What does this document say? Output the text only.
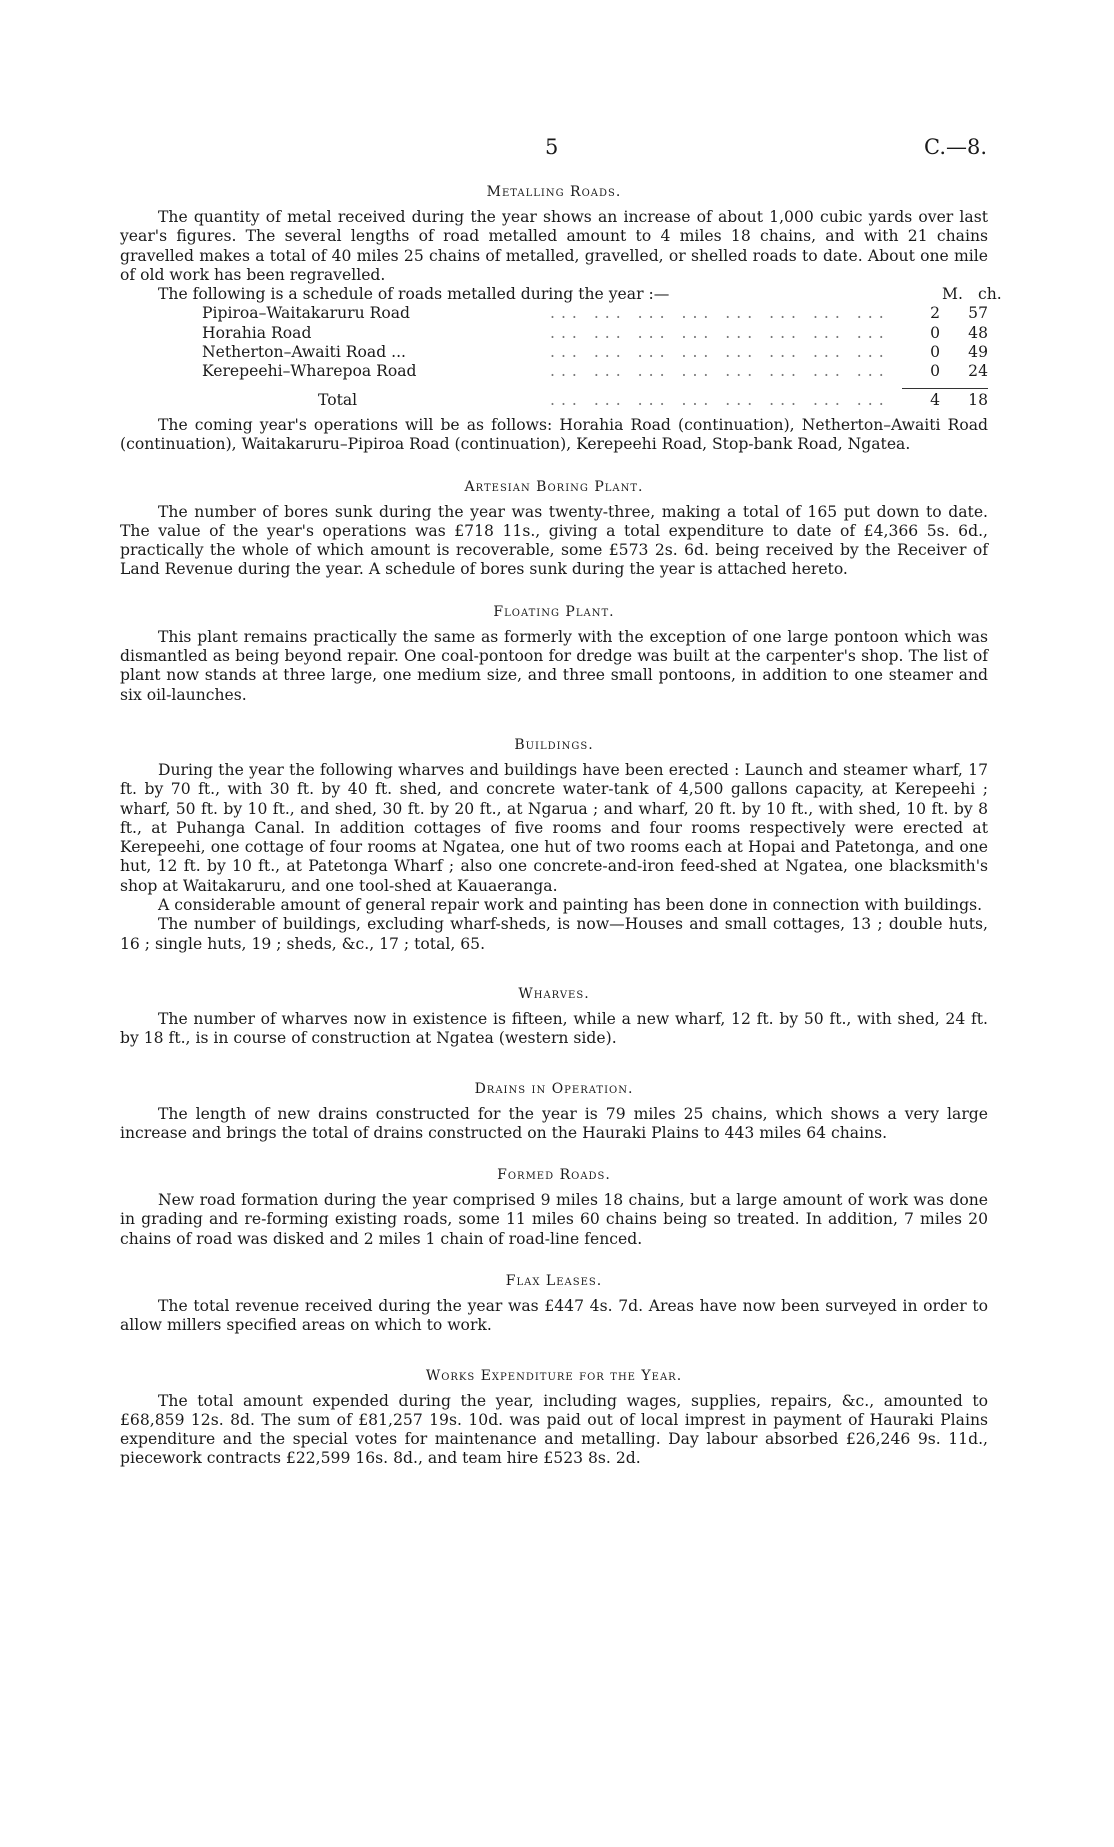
5	C.—8.
Metalling Roads.

The quantity of metal received during the year shows an increase of about 1,000 cubic yards over last year's figures. The several lengths of road metalled amount to 4 miles 18 chains, and with 21 chains gravelled makes a total of 40 miles 25 chains of metalled, gravelled, or shelled roads to date. About one mile of old work has been regravelled.

The following is a schedule of roads metalled during the year :—	M. ch.
Pipiroa–Waitakaruru Road	... ... ... ... ... ... ... ...	2	57
Horahia Road	... ... ... ... ... ... ... ...	0	48
Netherton–Awaiti Road ...	... ... ... ... ... ... ... ...	0	49
Kerepeehi–Wharepoa Road	... ... ... ... ... ... ... ...	0	24
Total	... ... ... ... ... ... ... ...	4	18

The coming year's operations will be as follows: Horahia Road (continuation), Netherton–Awaiti Road (continuation), Waitakaruru–Pipiroa Road (continuation), Kerepeehi Road, Stop-bank Road, Ngatea.

Artesian Boring Plant.

The number of bores sunk during the year was twenty-three, making a total of 165 put down to date. The value of the year's operations was £718 11s., giving a total expenditure to date of £4,366 5s. 6d., practically the whole of which amount is recoverable, some £573 2s. 6d. being received by the Receiver of Land Revenue during the year. A schedule of bores sunk during the year is attached hereto.

Floating Plant.

This plant remains practically the same as formerly with the exception of one large pontoon which was dismantled as being beyond repair. One coal-pontoon for dredge was built at the carpenter's shop. The list of plant now stands at three large, one medium size, and three small pontoons, in addition to one steamer and six oil-launches.

Buildings.

During the year the following wharves and buildings have been erected : Launch and steamer wharf, 17 ft. by 70 ft., with 30 ft. by 40 ft. shed, and concrete water-tank of 4,500 gallons capacity, at Kerepeehi ; wharf, 50 ft. by 10 ft., and shed, 30 ft. by 20 ft., at Ngarua ; and wharf, 20 ft. by 10 ft., with shed, 10 ft. by 8 ft., at Puhanga Canal. In addition cottages of five rooms and four rooms respectively were erected at Kerepeehi, one cottage of four rooms at Ngatea, one hut of two rooms each at Hopai and Patetonga, and one hut, 12 ft. by 10 ft., at Patetonga Wharf ; also one concrete-and-iron feed-shed at Ngatea, one blacksmith's shop at Waitakaruru, and one tool-shed at Kauaeranga.

A considerable amount of general repair work and painting has been done in connection with buildings.

The number of buildings, excluding wharf-sheds, is now—Houses and small cottages, 13 ; double huts, 16 ; single huts, 19 ; sheds, &c., 17 ; total, 65.

Wharves.

The number of wharves now in existence is fifteen, while a new wharf, 12 ft. by 50 ft., with shed, 24 ft. by 18 ft., is in course of construction at Ngatea (western side).

Drains in Operation.

The length of new drains constructed for the year is 79 miles 25 chains, which shows a very large increase and brings the total of drains constructed on the Hauraki Plains to 443 miles 64 chains.

Formed Roads.

New road formation during the year comprised 9 miles 18 chains, but a large amount of work was done in grading and re-forming existing roads, some 11 miles 60 chains being so treated. In addition, 7 miles 20 chains of road was disked and 2 miles 1 chain of road-line fenced.

Flax Leases.

The total revenue received during the year was £447 4s. 7d. Areas have now been surveyed in order to allow millers specified areas on which to work.

Works Expenditure for the Year.

The total amount expended during the year, including wages, supplies, repairs, &c., amounted to £68,859 12s. 8d. The sum of £81,257 19s. 10d. was paid out of local imprest in payment of Hauraki Plains expenditure and the special votes for maintenance and metalling. Day labour absorbed £26,246 9s. 11d., piecework contracts £22,599 16s. 8d., and team hire £523 8s. 2d.
